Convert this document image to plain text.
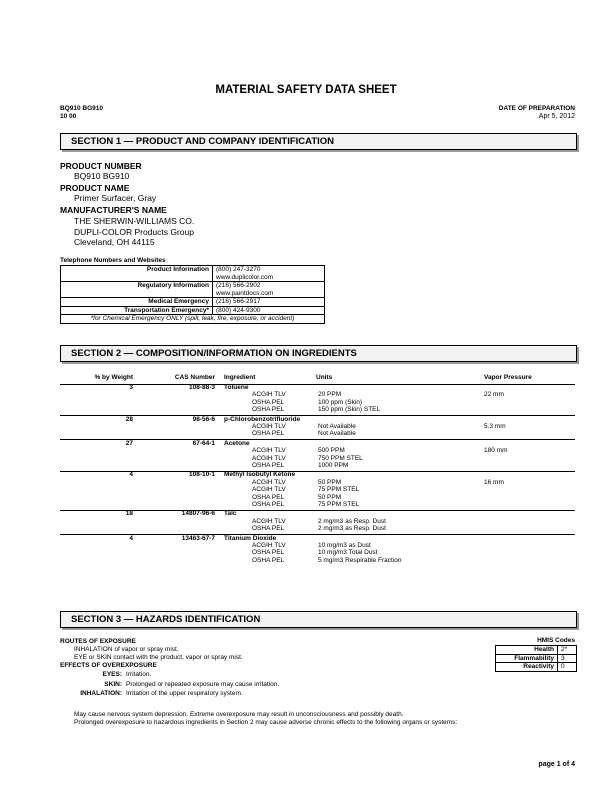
MATERIAL SAFETY DATA SHEET
BQ910 BG910
10 00
DATE OF PREPARATION
Apr 5, 2012
SECTION 1 — PRODUCT AND COMPANY IDENTIFICATION
PRODUCT NUMBER
BQ910 BG910
PRODUCT NAME
Primer Surfacer, Gray
MANUFACTURER'S NAME
THE SHERWIN-WILLIAMS CO.
DUPLI-COLOR Products Group
Cleveland, OH 44115
Telephone Numbers and Websites
Product Information	(800) 247-3270
www.duplicolor.com

Regulatory Information	(216) 566-2902
www.paintdocs.com

Medical Emergency	(216) 566-2917
Transportation Emergency*	(800) 424-9300
*for Chemical Emergency ONLY (spill, leak, fire, exposure, or accident)	
SECTION 2 — COMPOSITION/INFORMATION ON INGREDIENTS
% by Weight	CAS Number Ingredient	Units	Vapor Pressure
3	108-88-3 Toluene
ACGIH TLV	20 PPM	22 mm
OSHA PEL	100 ppm (Skin)
OSHA PEL	150 ppm (Skin) STEL
28	98-56-6 p-Chlorobenzotrifluoride
ACGIH TLV	Not Available	5.3 mm
OSHA PEL	Not Available
27	67-64-1 Acetone
ACGIH TLV	500 PPM	180 mm
ACGIH TLV	750 PPM STEL
OSHA PEL	1000 PPM
4	108-10-1 Methyl Isobutyl Ketone
ACGIH TLV	50 PPM	16 mm
ACGIH TLV	75 PPM STEL
OSHA PEL	50 PPM
OSHA PEL	75 PPM STEL
18	14807-96-6 Talc
ACGIH TLV	2 mg/m3 as Resp. Dust
OSHA PEL	2 mg/m3 as Resp. Dust
4	13463-67-7 Titanium Dioxide
ACGIH TLV	10 mg/m3 as Dust
OSHA PEL	10 mg/m3 Total Dust
OSHA PEL	5 mg/m3 Respirable Fraction
SECTION 3 — HAZARDS IDENTIFICATION
ROUTES OF EXPOSURE
INHALATION of vapor or spray mist.
EYE or SKIN contact with the product, vapor or spray mist.
EFFECTS OF OVEREXPOSURE
EYES: Irritation.
SKIN: Prolonged or repeated exposure may cause irritation.
INHALATION: Irritation of the upper respiratory system.
HMIS Codes
Health	2*
Flammability	3
Reactivity	0
May cause nervous system depression. Extreme overexposure may result in unconsciousness and possibly death.
Prolonged overexposure to hazardous ingredients in Section 2 may cause adverse chronic effects to the following organs or systems:
page 1 of 4
